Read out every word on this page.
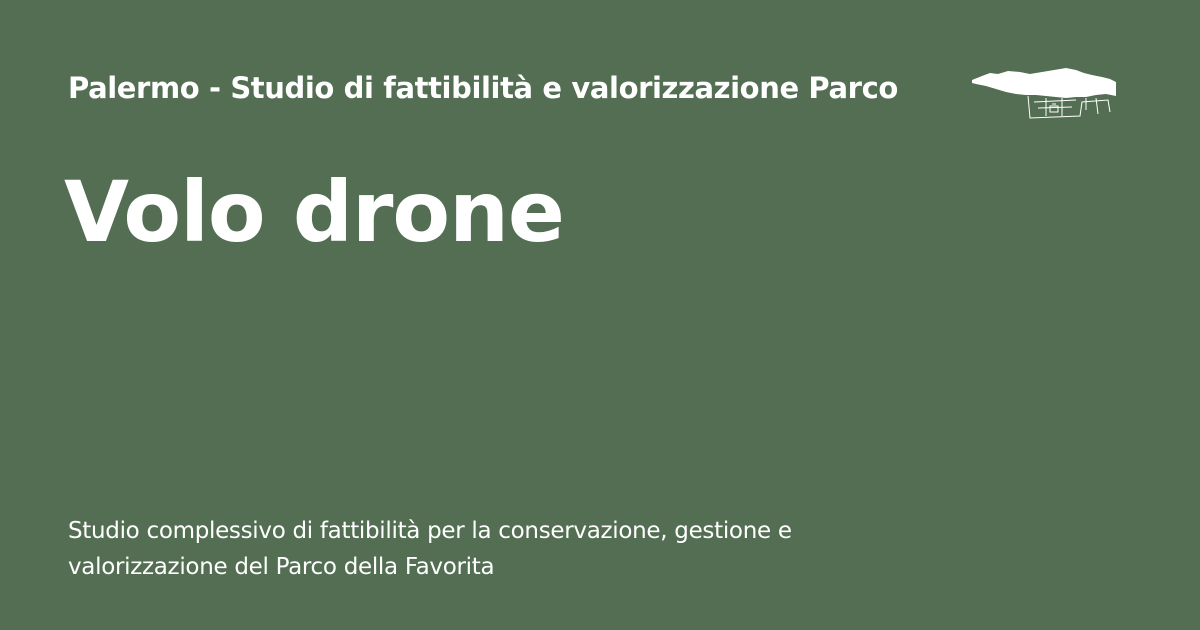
Palermo - Studio di fattibilità e valorizzazione Parco
Volo drone

Studio complessivo di fattibilità per la conservazione, gestione e
valorizzazione del Parco della Favorita
